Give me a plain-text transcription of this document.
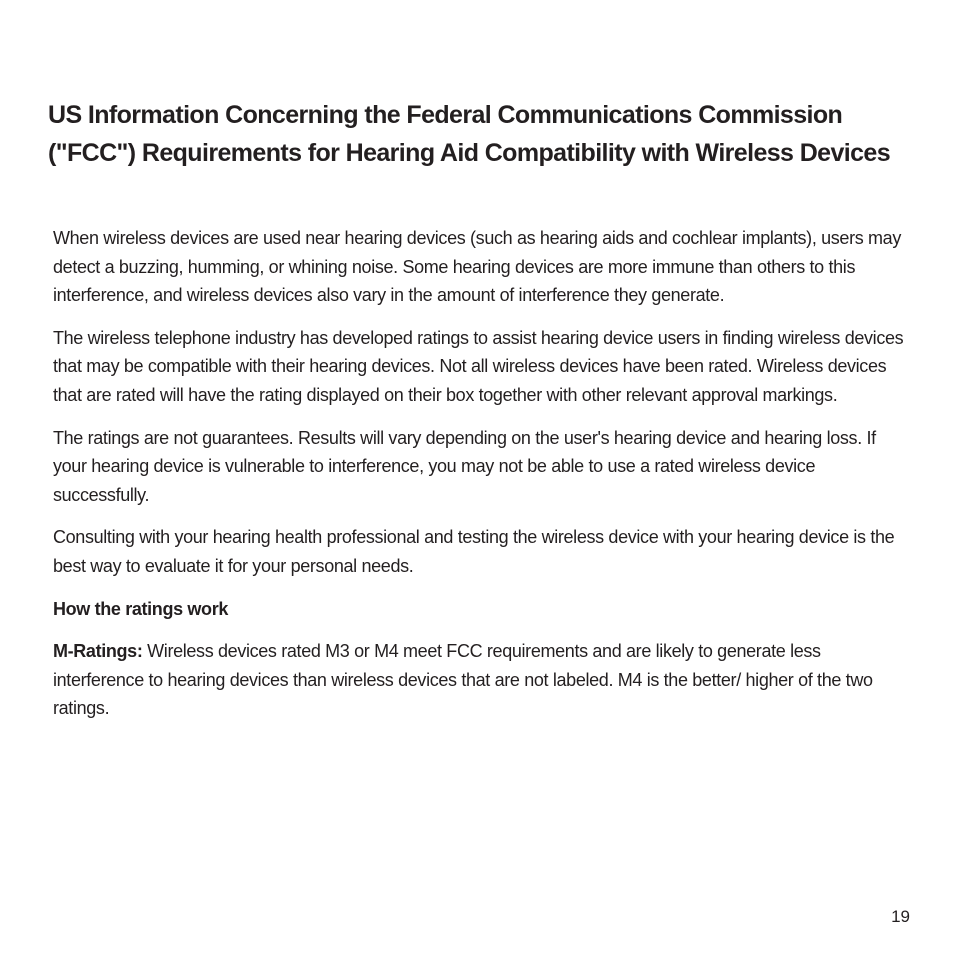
US Information Concerning the Federal Communications Commission ("FCC") Requirements for Hearing Aid Compatibility with Wireless Devices

When wireless devices are used near hearing devices (such as hearing aids and cochlear implants), users may detect a buzzing, humming, or whining noise. Some hearing devices are more immune than others to this interference, and wireless devices also vary in the amount of interference they generate.

The wireless telephone industry has developed ratings to assist hearing device users in finding wireless devices that may be compatible with their hearing devices. Not all wireless devices have been rated. Wireless devices that are rated will have the rating displayed on their box together with other relevant approval markings.

The ratings are not guarantees. Results will vary depending on the user's hearing device and hearing loss. If your hearing device is vulnerable to interference, you may not be able to use a rated wireless device successfully.

Consulting with your hearing health professional and testing the wireless device with your hearing device is the best way to evaluate it for your personal needs.

How the ratings work

M-Ratings: Wireless devices rated M3 or M4 meet FCC requirements and are likely to generate less interference to hearing devices than wireless devices that are not labeled. M4 is the better/ higher of the two ratings.

19
